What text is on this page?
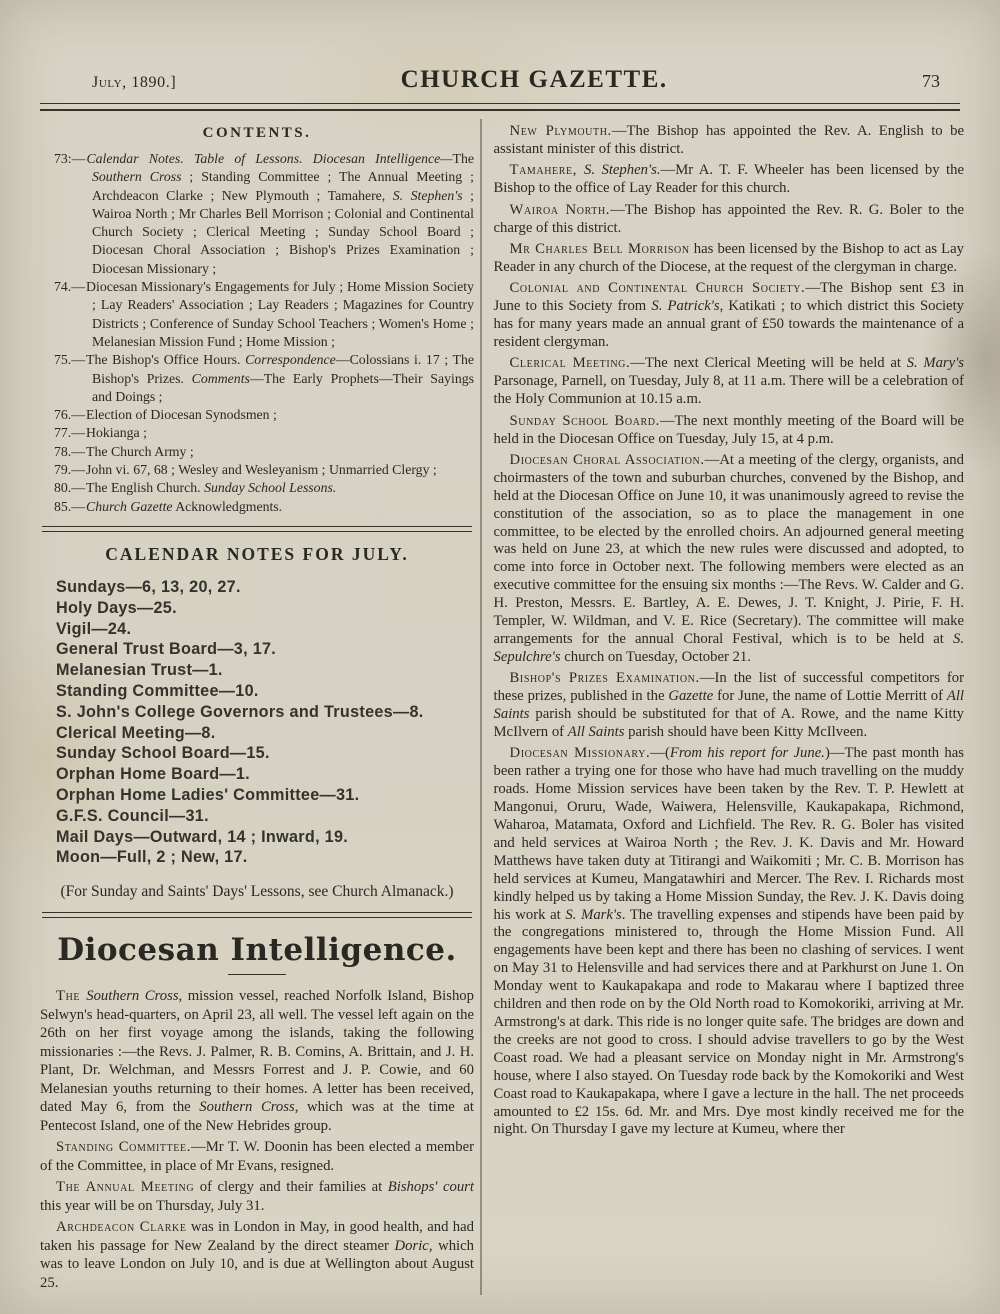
July, 1890.]	CHURCH GAZETTE.	73
CONTENTS.

73:—Calendar Notes. Table of Lessons. Diocesan Intelligence—The Southern Cross ; Standing Committee ; The Annual Meeting ; Archdeacon Clarke ; New Plymouth ; Tamahere, S. Stephen's ; Wairoa North ; Mr Charles Bell Morrison ; Colonial and Continental Church Society ; Clerical Meeting ; Sunday School Board ; Diocesan Choral Association ; Bishop's Prizes Examination ; Diocesan Missionary ;

74.—Diocesan Missionary's Engagements for July ; Home Mission Society ; Lay Readers' Association ; Lay Readers ; Magazines for Country Districts ; Conference of Sunday School Teachers ; Women's Home ; Melanesian Mission Fund ; Home Mission ;

75.—The Bishop's Office Hours. Correspondence—Colossians i. 17 ; The Bishop's Prizes. Comments—The Early Prophets—Their Sayings and Doings ;

76.—Election of Diocesan Synodsmen ;

77.—Hokianga ;

78.—The Church Army ;

79.—John vi. 67, 68 ; Wesley and Wesleyanism ; Unmarried Clergy ;

80.—The English Church. Sunday School Lessons.

85.—Church Gazette Acknowledgments.

CALENDAR NOTES FOR JULY.
Sundays—6, 13, 20, 27.
Holy Days—25.
Vigil—24.
General Trust Board—3, 17.
Melanesian Trust—1.
Standing Committee—10.
S. John's College Governors and Trustees—8.
Clerical Meeting—8.
Sunday School Board—15.
Orphan Home Board—1.
Orphan Home Ladies' Committee—31.
G.F.S. Council—31.
Mail Days—Outward, 14 ; Inward, 19.
Moon—Full, 2 ; New, 17.

(For Sunday and Saints' Days' Lessons, see Church Almanack.)

Diocesan Intelligence.

The Southern Cross, mission vessel, reached Norfolk Island, Bishop Selwyn's head-quarters, on April 23, all well. The vessel left again on the 26th on her first voyage among the islands, taking the following missionaries :—the Revs. J. Palmer, R. B. Comins, A. Brittain, and J. H. Plant, Dr. Welchman, and Messrs Forrest and J. P. Cowie, and 60 Melanesian youths returning to their homes. A letter has been received, dated May 6, from the Southern Cross, which was at the time at Pentecost Island, one of the New Hebrides group.

Standing Committee.—Mr T. W. Doonin has been elected a member of the Committee, in place of Mr Evans, resigned.

The Annual Meeting of clergy and their families at Bishops' court this year will be on Thursday, July 31.

Archdeacon Clarke was in London in May, in good health, and had taken his passage for New Zealand by the direct steamer Doric, which was to leave London on July 10, and is due at Wellington about August 25.

New Plymouth.—The Bishop has appointed the Rev. A. English to be assistant minister of this district.

Tamahere, S. Stephen's.—Mr A. T. F. Wheeler has been licensed by the Bishop to the office of Lay Reader for this church.

Wairoa North.—The Bishop has appointed the Rev. R. G. Boler to the charge of this district.

Mr Charles Bell Morrison has been licensed by the Bishop to act as Lay Reader in any church of the Diocese, at the request of the clergyman in charge.

Colonial and Continental Church Society.—The Bishop sent £3 in June to this Society from S. Patrick's, Katikati ; to which district this Society has for many years made an annual grant of £50 towards the maintenance of a resident clergyman.

Clerical Meeting.—The next Clerical Meeting will be held at S. Mary's Parsonage, Parnell, on Tuesday, July 8, at 11 a.m. There will be a celebration of the Holy Communion at 10.15 a.m.

Sunday School Board.—The next monthly meeting of the Board will be held in the Diocesan Office on Tuesday, July 15, at 4 p.m.

Diocesan Choral Association.—At a meeting of the clergy, organists, and choirmasters of the town and suburban churches, convened by the Bishop, and held at the Diocesan Office on June 10, it was unanimously agreed to revise the constitution of the association, so as to place the management in one committee, to be elected by the enrolled choirs. An adjourned general meeting was held on June 23, at which the new rules were discussed and adopted, to come into force in October next. The following members were elected as an executive committee for the ensuing six months :—The Revs. W. Calder and G. H. Preston, Messrs. E. Bartley, A. E. Dewes, J. T. Knight, J. Pirie, F. H. Templer, W. Wildman, and V. E. Rice (Secretary). The committee will make arrangements for the annual Choral Festival, which is to be held at S. Sepulchre's church on Tuesday, October 21.

Bishop's Prizes Examination.—In the list of successful competitors for these prizes, published in the Gazette for June, the name of Lottie Merritt of All Saints parish should be substituted for that of A. Rowe, and the name Kitty McIlvern of All Saints parish should have been Kitty McIlveen.

Diocesan Missionary.—(From his report for June.)—The past month has been rather a trying one for those who have had much travelling on the muddy roads. Home Mission services have been taken by the Rev. T. P. Hewlett at Mangonui, Oruru, Wade, Waiwera, Helensville, Kaukapakapa, Richmond, Waharoa, Matamata, Oxford and Lichfield. The Rev. R. G. Boler has visited and held services at Wairoa North ; the Rev. J. K. Davis and Mr. Howard Matthews have taken duty at Titirangi and Waikomiti ; Mr. C. B. Morrison has held services at Kumeu, Mangatawhiri and Mercer. The Rev. I. Richards most kindly helped us by taking a Home Mission Sunday, the Rev. J. K. Davis doing his work at S. Mark's. The travelling expenses and stipends have been paid by the congregations ministered to, through the Home Mission Fund. All engagements have been kept and there has been no clashing of services. I went on May 31 to Helensville and had services there and at Parkhurst on June 1. On Monday went to Kaukapakapa and rode to Makarau where I baptized three children and then rode on by the Old North road to Komokoriki, arriving at Mr. Armstrong's at dark. This ride is no longer quite safe. The bridges are down and the creeks are not good to cross. I should advise travellers to go by the West Coast road. We had a pleasant service on Monday night in Mr. Armstrong's house, where I also stayed. On Tuesday rode back by the Komokoriki and West Coast road to Kaukapakapa, where I gave a lecture in the hall. The net proceeds amounted to £2 15s. 6d. Mr. and Mrs. Dye most kindly received me for the night. On Thursday I gave my lecture at Kumeu, where ther
